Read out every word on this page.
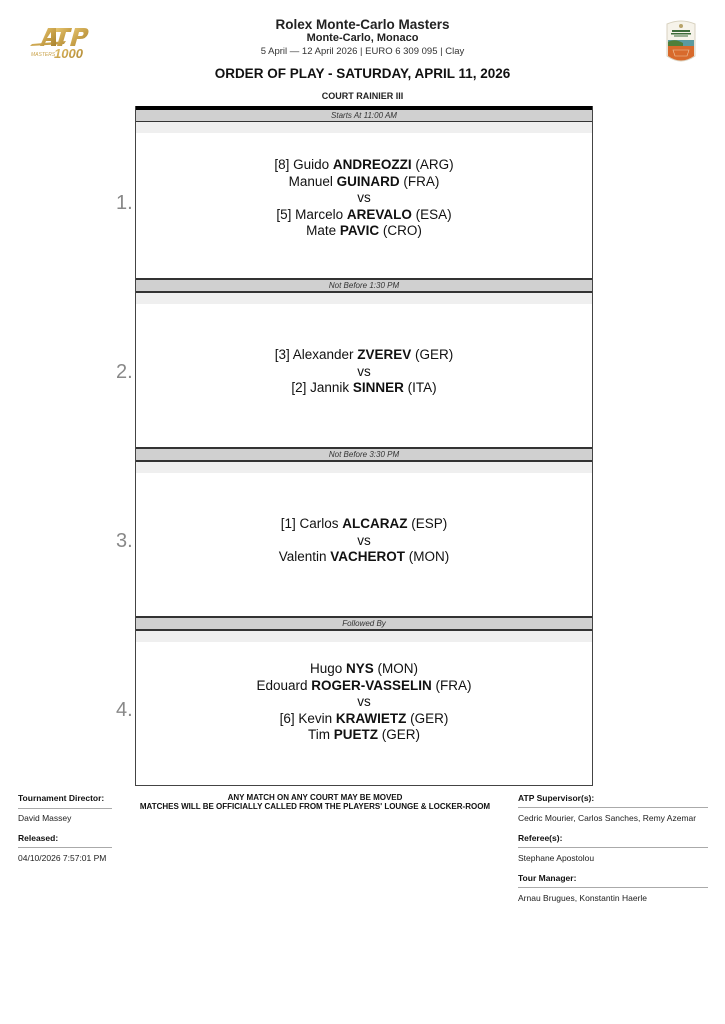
MASTERS
1000
Rolex Monte-Carlo Masters
Monte-Carlo, Monaco
5 April — 12 April 2026 | EURO 6 309 095 | Clay
ORDER OF PLAY - SATURDAY, APRIL 11, 2026
COURT RAINIER III
Starts At 11:00 AM
[8] Guido ANDREOZZI (ARG)
Manuel GUINARD (FRA)
vs
[5] Marcelo AREVALO (ESA)
Mate PAVIC (CRO)
Not Before 1:30 PM
[3] Alexander ZVEREV (GER)
vs
[2] Jannik SINNER (ITA)
Not Before 3:30 PM
[1] Carlos ALCARAZ (ESP)
vs
Valentin VACHEROT (MON)
Followed By
Hugo NYS (MON)
Edouard ROGER-VASSELIN (FRA)
vs
[6] Kevin KRAWIETZ (GER)
Tim PUETZ (GER)
1.
2.
3.
4.
Tournament Director:
David Massey
Released:
04/10/2026 7:57:01 PM
ANY MATCH ON ANY COURT MAY BE MOVED
MATCHES WILL BE OFFICIALLY CALLED FROM THE PLAYERS' LOUNGE & LOCKER-ROOM
ATP Supervisor(s):
Cedric Mourier, Carlos Sanches, Remy Azemar
Referee(s):
Stephane Apostolou
Tour Manager:
Arnau Brugues, Konstantin Haerle
